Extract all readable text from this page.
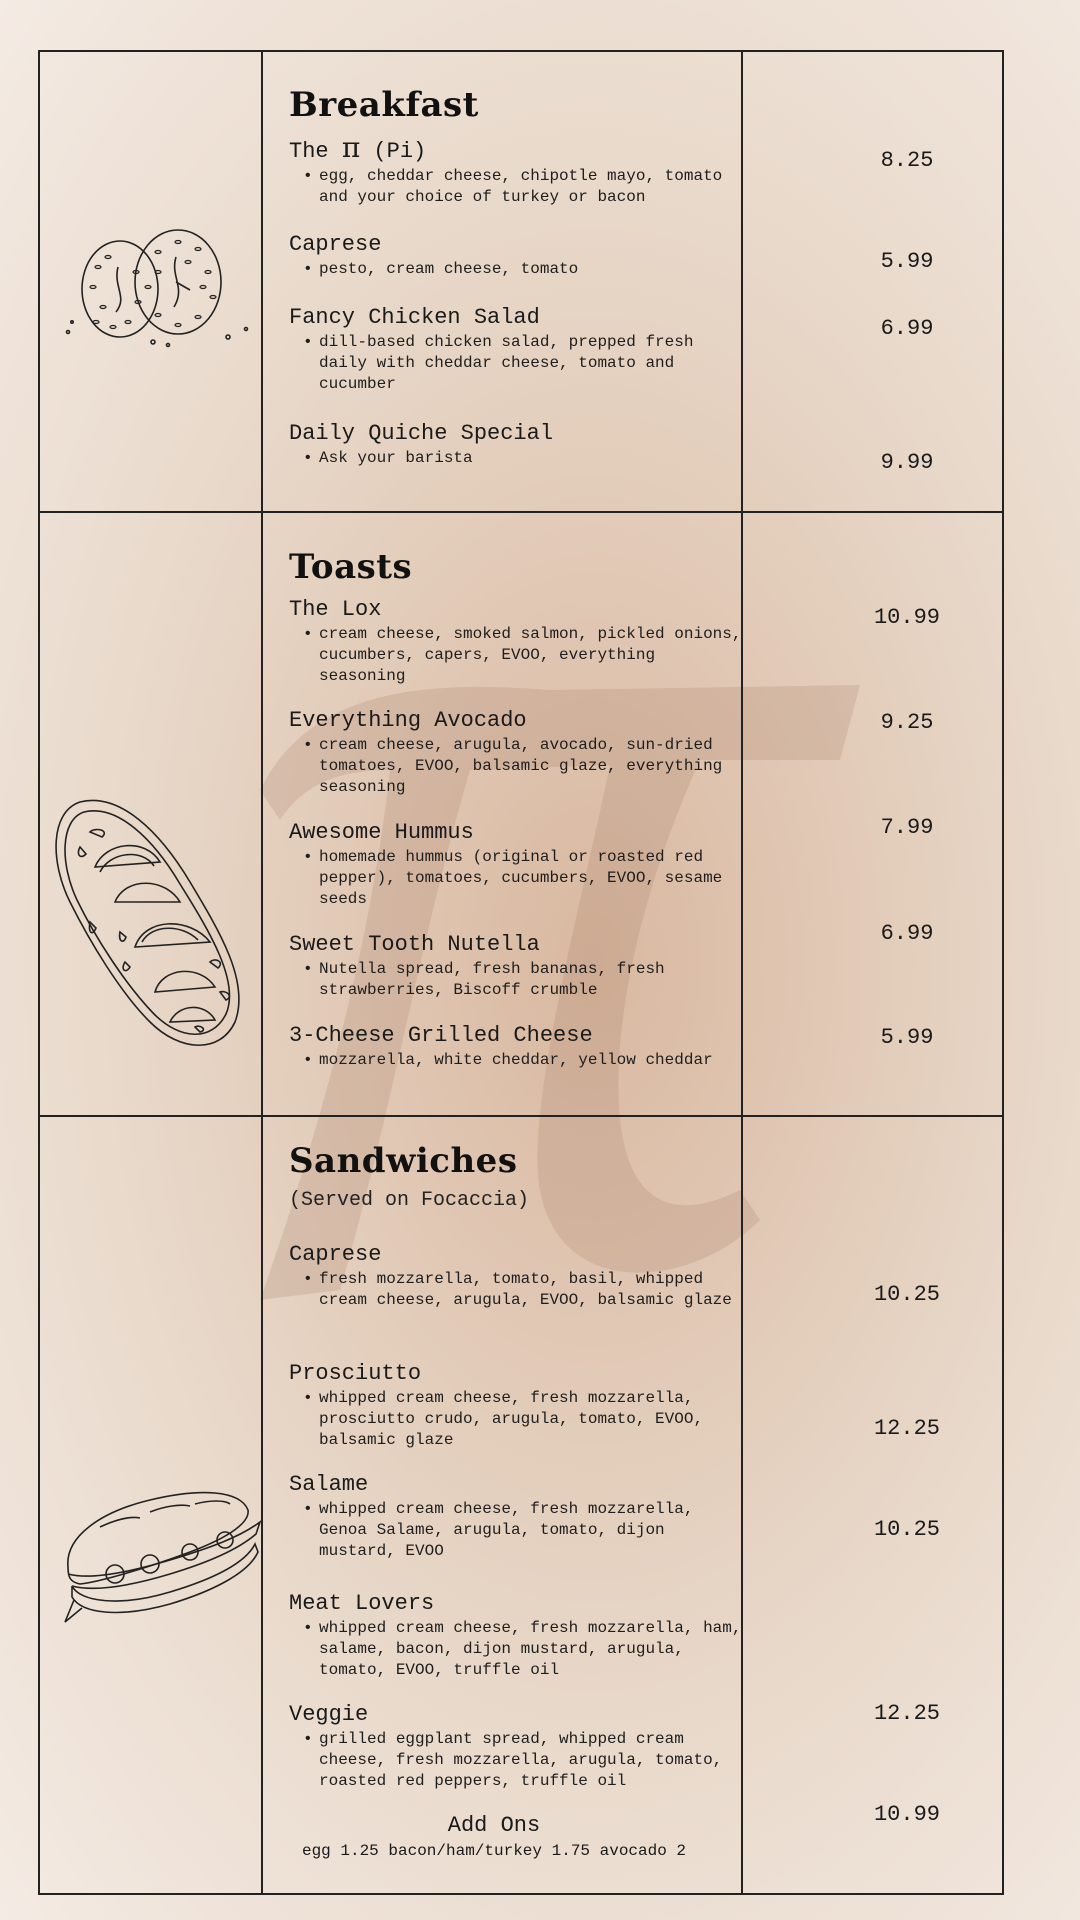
Breakfast
The π (Pi)
• egg, cheddar cheese, chipotle mayo, tomato and your choice of turkey or bacon
8.25
Caprese
• pesto, cream cheese, tomato	5.99
Fancy Chicken Salad
• dill-based chicken salad, prepped fresh daily with cheddar cheese, tomato and cucumber
6.99
Daily Quiche Special
• Ask your barista	9.99
Toasts
The Lox
• cream cheese, smoked salmon, pickled onions, cucumbers, capers, EVOO, everything seasoning
10.99
Everything Avocado
• cream cheese, arugula, avocado, sun-dried tomatoes, EVOO, balsamic glaze, everything seasoning
9.25
Awesome Hummus
• homemade hummus (original or roasted red pepper), tomatoes, cucumbers, EVOO, sesame seeds
7.99
Sweet Tooth Nutella
• Nutella spread, fresh bananas, fresh strawberries, Biscoff crumble
6.99
3-Cheese Grilled Cheese
• mozzarella, white cheddar, yellow cheddar
5.99
Sandwiches
(Served on Focaccia)
Caprese
• fresh mozzarella, tomato, basil, whipped cream cheese, arugula, EVOO, balsamic glaze	10.25
Prosciutto
• whipped cream cheese, fresh mozzarella, prosciutto crudo, arugula, tomato, EVOO, balsamic glaze	12.25
Salame
• whipped cream cheese, fresh mozzarella, Genoa Salame, arugula, tomato, dijon mustard, EVOO
10.25
Meat Lovers
• whipped cream cheese, fresh mozzarella, ham, salame, bacon, dijon mustard, arugula, tomato, EVOO, truffle oil
12.25
Veggie
• grilled eggplant spread, whipped cream cheese, fresh mozzarella, arugula, tomato, roasted red peppers, truffle oil
10.99
Add Ons
egg 1.25 bacon/ham/turkey 1.75 avocado 2
